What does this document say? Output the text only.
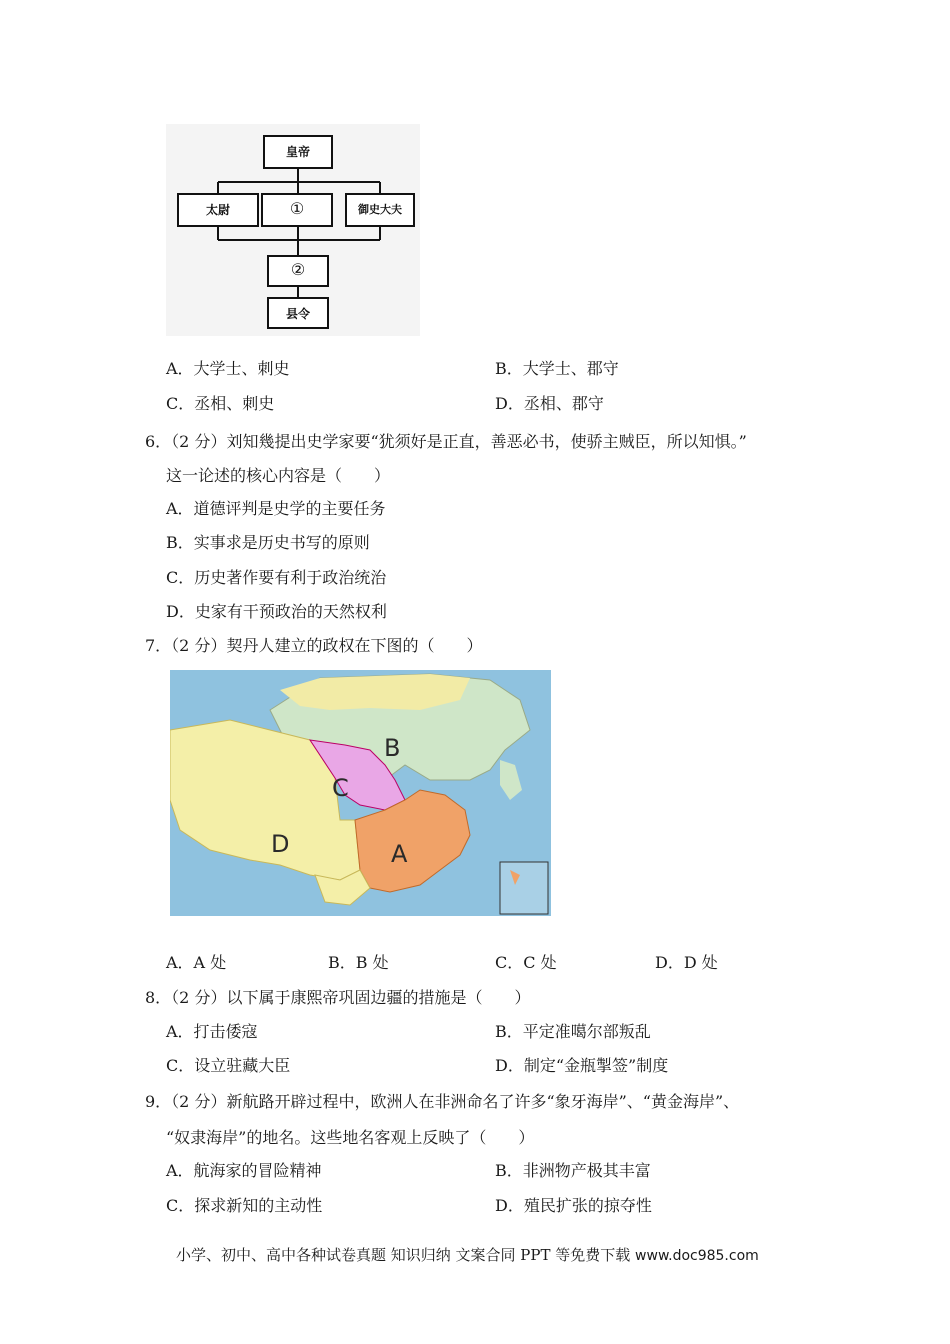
皇帝
太尉	①	御史大夫
②
县令
A．大学士、刺史	B．大学士、郡守
C．丞相、刺史	D．丞相、郡守
6．（2 分）刘知幾提出史学家要“犹须好是正直，善恶必书，使骄主贼臣，所以知惧。”
这一论述的核心内容是（　　）
A．道德评判是史学的主要任务
B．实事求是历史书写的原则
C．历史著作要有利于政治统治
D．史家有干预政治的天然权利
7．（2 分）契丹人建立的政权在下图的（　　）
B
C
A
D
A．A 处	B．B 处	C．C 处	D．D 处
8．（2 分）以下属于康熙帝巩固边疆的措施是（　　）
A．打击倭寇	B．平定准噶尔部叛乱
C．设立驻藏大臣	D．制定“金瓶掣签”制度
9．（2 分）新航路开辟过程中，欧洲人在非洲命名了许多“象牙海岸”、“黄金海岸”、
“奴隶海岸”的地名。这些地名客观上反映了（　　）
A．航海家的冒险精神	B．非洲物产极其丰富
C．探求新知的主动性	D．殖民扩张的掠夺性
小学、初中、高中各种试卷真题 知识归纳 文案合同 PPT 等免费下载 www.doc985.com
